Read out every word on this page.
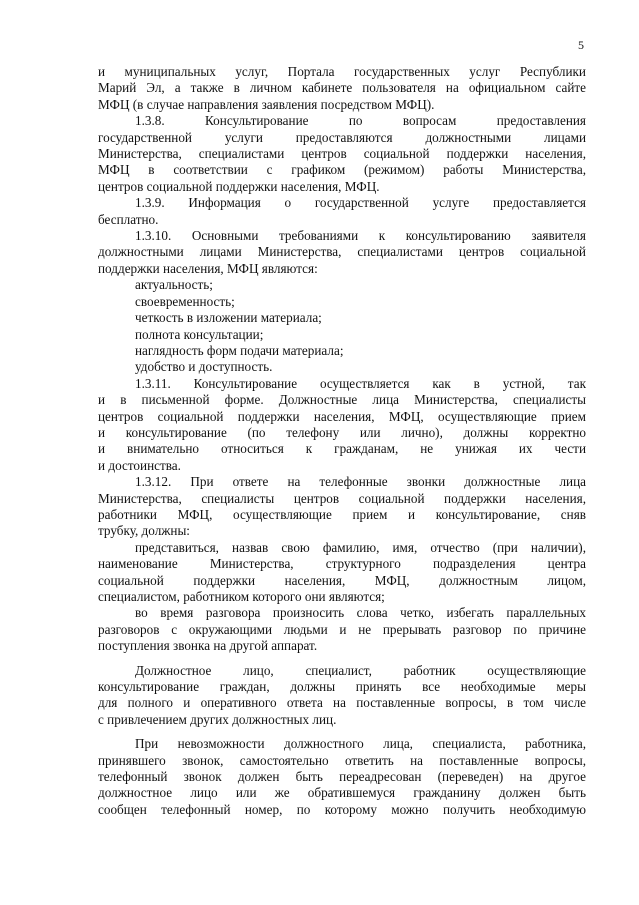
5
и муниципальных услуг, Портала государственных услуг Республики
Марий Эл, а также в личном кабинете пользователя на официальном сайте
МФЦ (в случае направления заявления посредством МФЦ).
1.3.8. Консультирование по вопросам предоставления
государственной услуги предоставляются должностными лицами
Министерства, специалистами центров социальной поддержки населения,
МФЦ в соответствии с графиком (режимом) работы Министерства,
центров социальной поддержки населения, МФЦ.
1.3.9. Информация о государственной услуге предоставляется
бесплатно.
1.3.10. Основными требованиями к консультированию заявителя
должностными лицами Министерства, специалистами центров социальной
поддержки населения, МФЦ являются:
актуальность;
своевременность;
четкость в изложении материала;
полнота консультации;
наглядность форм подачи материала;
удобство и доступность.
1.3.11. Консультирование осуществляется как в устной, так
и в письменной форме. Должностные лица Министерства, специалисты
центров социальной поддержки населения, МФЦ, осуществляющие прием
и консультирование (по телефону или лично), должны корректно
и внимательно относиться к гражданам, не унижая их чести
и достоинства.
1.3.12. При ответе на телефонные звонки должностные лица
Министерства, специалисты центров социальной поддержки населения,
работники МФЦ, осуществляющие прием и консультирование, сняв
трубку, должны:
представиться, назвав свою фамилию, имя, отчество (при наличии),
наименование Министерства, структурного подразделения центра
социальной поддержки населения, МФЦ, должностным лицом,
специалистом, работником которого они являются;
во время разговора произносить слова четко, избегать параллельных
разговоров с окружающими людьми и не прерывать разговор по причине
поступления звонка на другой аппарат.
Должностное лицо, специалист, работник осуществляющие
консультирование граждан, должны принять все необходимые меры
для полного и оперативного ответа на поставленные вопросы, в том числе
с привлечением других должностных лиц.
При невозможности должностного лица, специалиста, работника,
принявшего звонок, самостоятельно ответить на поставленные вопросы,
телефонный звонок должен быть переадресован (переведен) на другое
должностное лицо или же обратившемуся гражданину должен быть
сообщен телефонный номер, по которому можно получить необходимую
